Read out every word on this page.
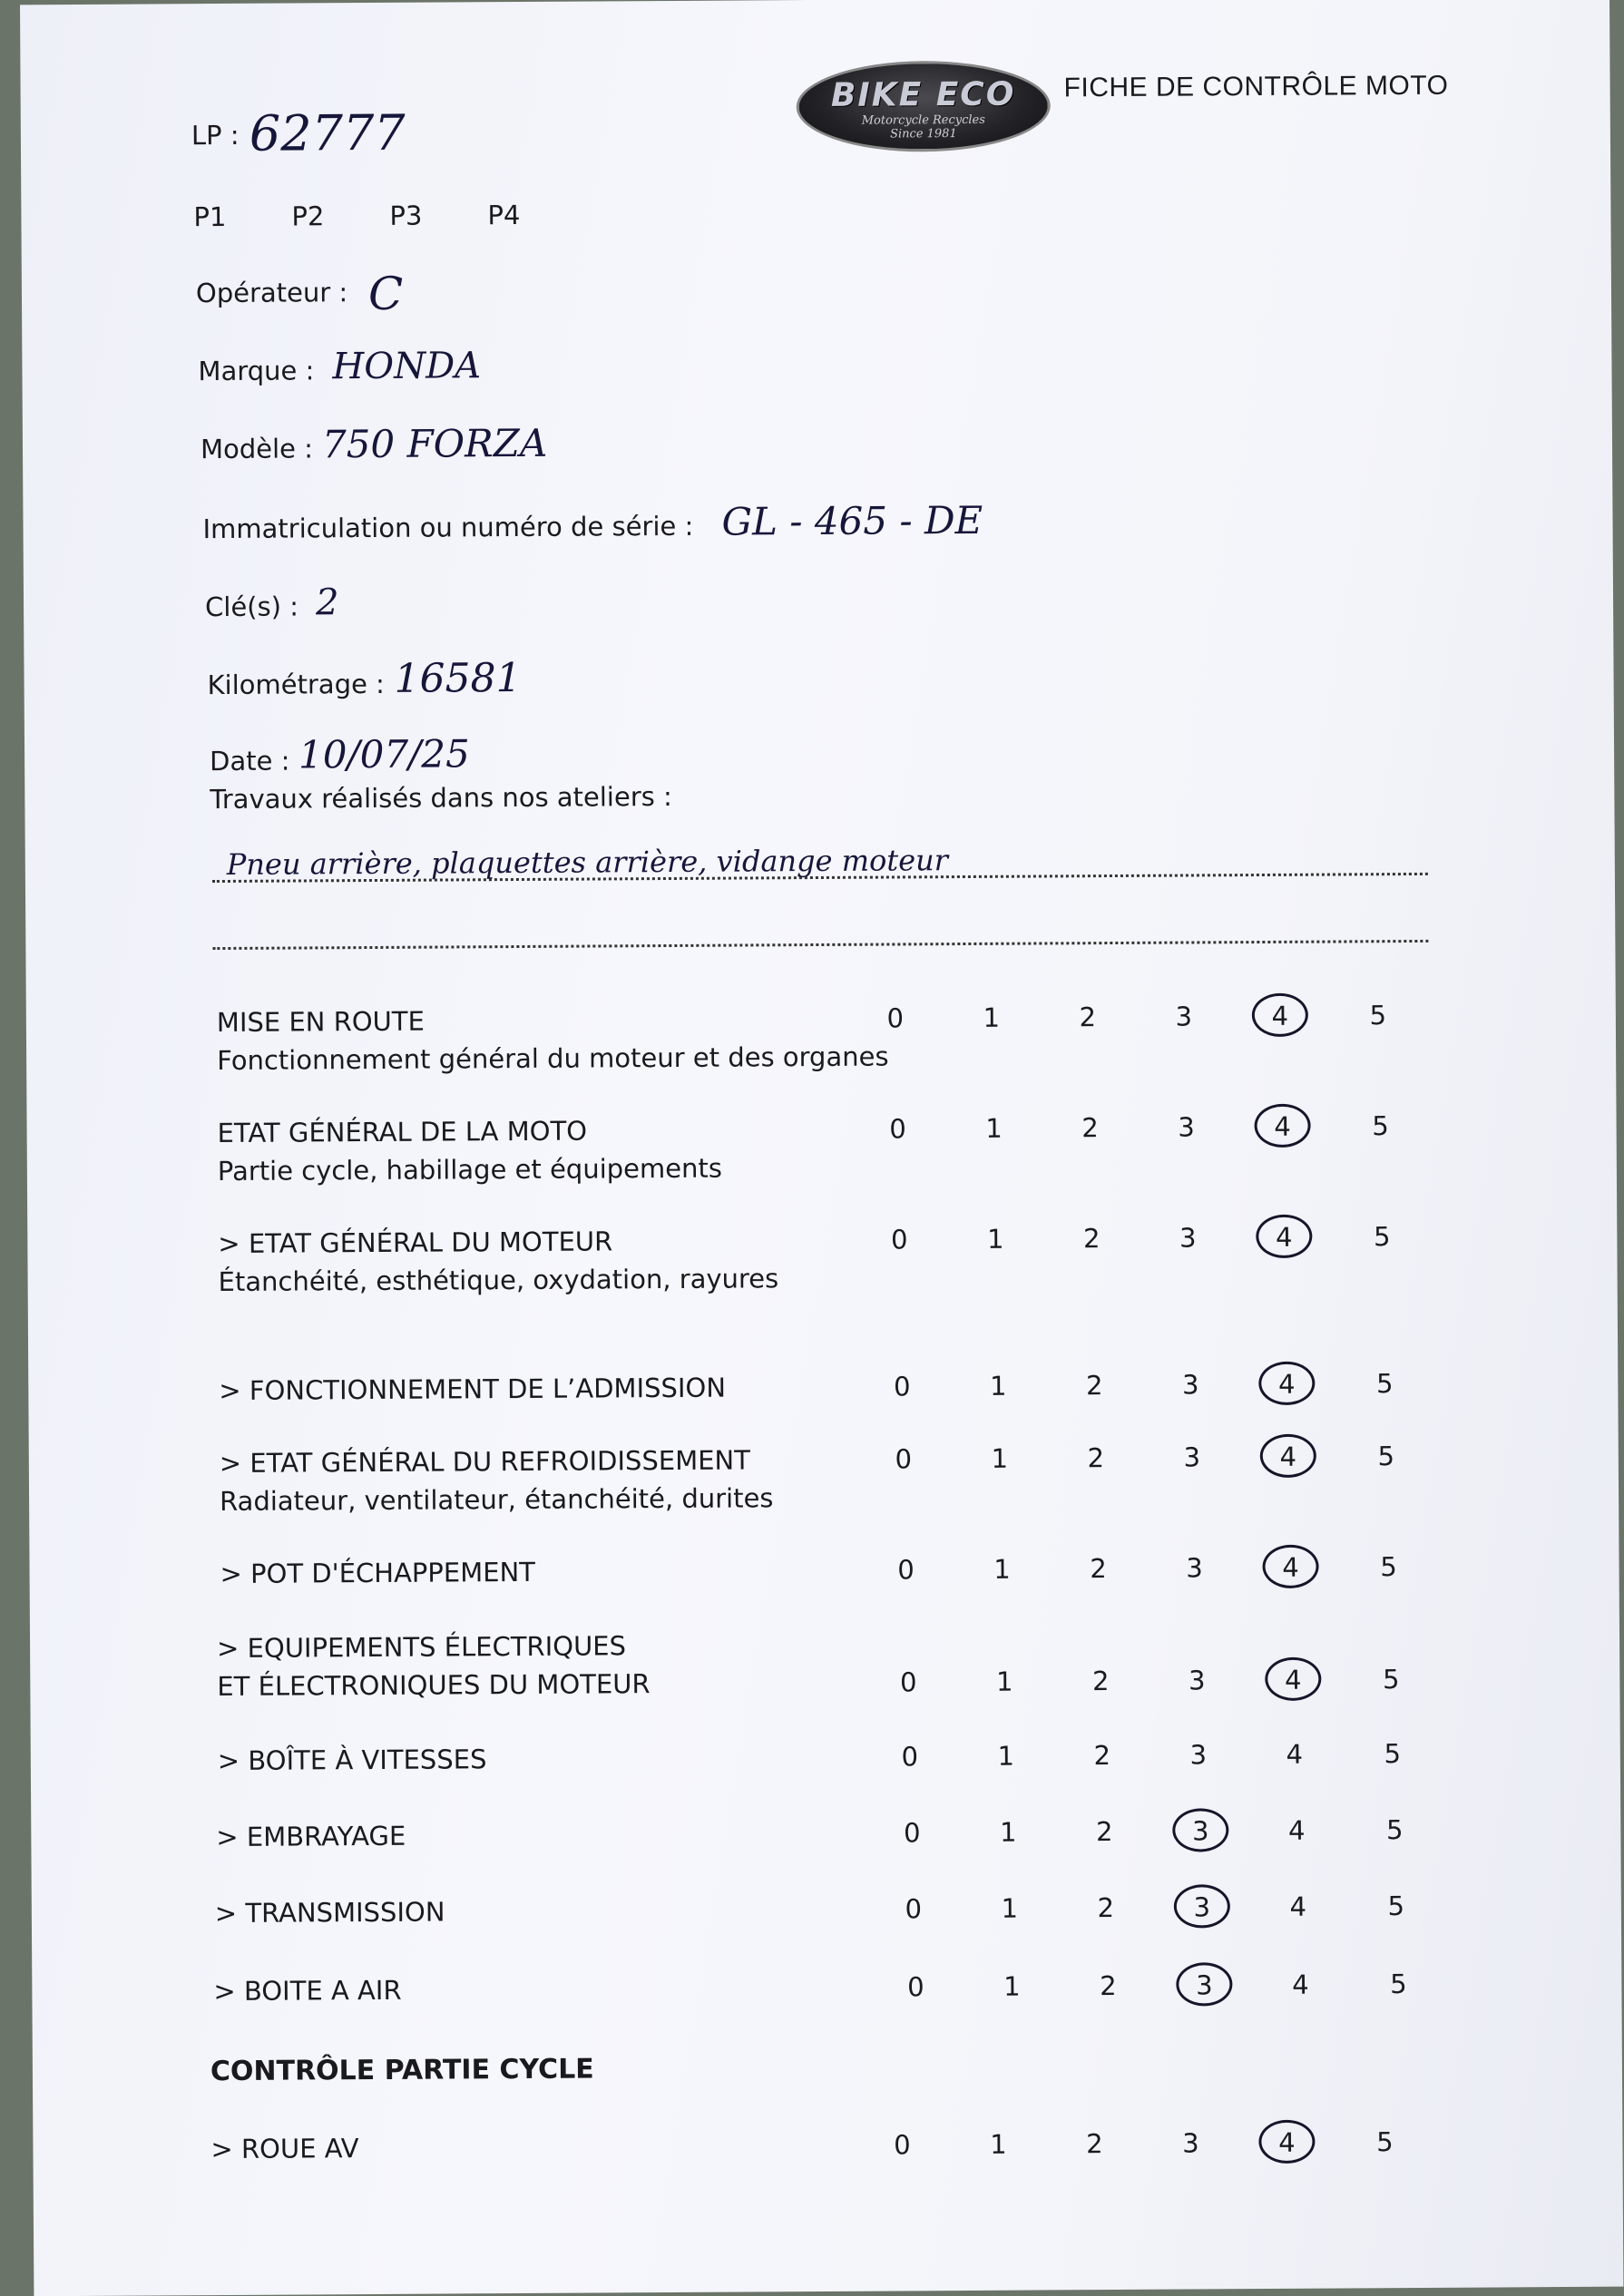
BIKE ECO
Motorcycle Recycles
Since 1981
FICHE DE CONTRÔLE MOTO
LP : 62777
P1 P2 P3 P4
Opérateur : C
Marque : HONDA
Modèle : 750 FORZA
Immatriculation ou numéro de série : GL - 465 - DE
Clé(s) : 2
Kilométrage : 16581
Date : 10/07/25
Travaux réalisés dans nos ateliers :
Pneu arrière, plaquettes arrière, vidange moteur
MISE EN ROUTE
Fonctionnement général du moteur et des organes
0	1	2	3	4	5
ETAT GÉNÉRAL DE LA MOTO
Partie cycle, habillage et équipements
0	1	2	3	4	5
> ETAT GÉNÉRAL DU MOTEUR
Étanchéité, esthétique, oxydation, rayures
0	1	2	3	4	5
> FONCTIONNEMENT DE L’ADMISSION	0	1	2	3	4	5
> ETAT GÉNÉRAL DU REFROIDISSEMENT
Radiateur, ventilateur, étanchéité, durites
0	1	2	3	4	5
> POT D'ÉCHAPPEMENT	0	1	2	3	4	5
> EQUIPEMENTS ÉLECTRIQUES
ET ÉLECTRONIQUES DU MOTEUR	0	1	2	3	4	5
> BOÎTE À VITESSES	0	1	2	3	4	5
> EMBRAYAGE	0	1	2	3	4	5
> TRANSMISSION	0	1	2	3	4	5
> BOITE A AIR	0	1	2	3	4	5
CONTRÔLE PARTIE CYCLE
> ROUE AV	0	1	2	3	4	5
